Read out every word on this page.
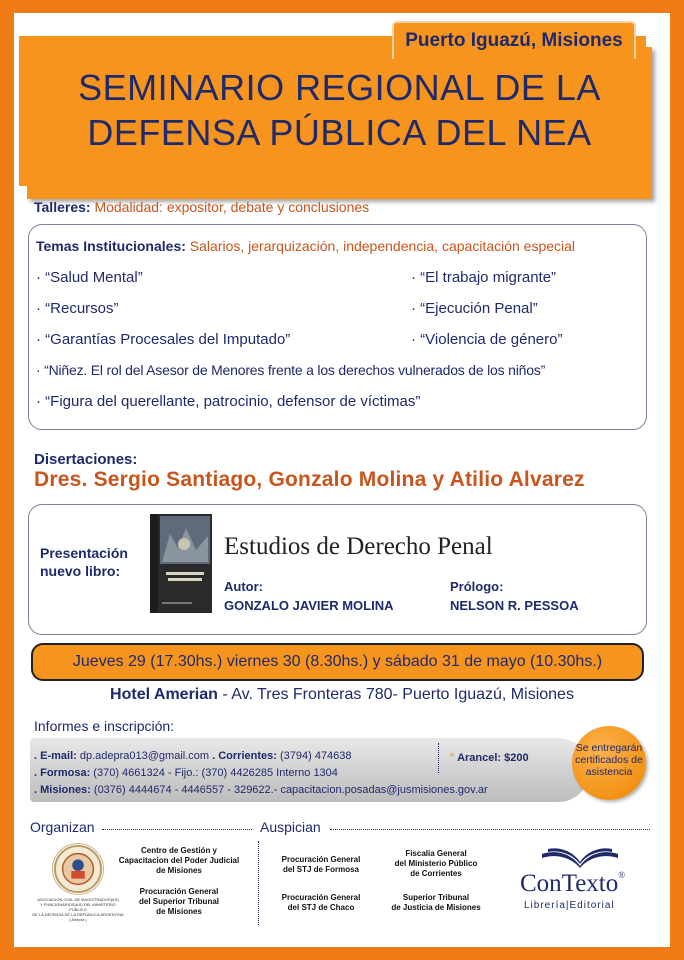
SEMINARIO REGIONAL DE LA
DEFENSA PÚBLICA DEL NEA
Puerto Iguazú, Misiones
Talleres: Modalidad: expositor, debate y conclusiones
Temas Institucionales: Salarios, jerarquización, independencia, capacitación especial
· “Salud Mental”
· “Recursos”
· “Garantías Procesales del Imputado”
· “El trabajo migrante”
· “Ejecución Penal”
· “Violencia de género”
· “Niñez. El rol del Asesor de Menores frente a los derechos vulnerados de los niños”
· “Figura del querellante, patrocinio, defensor de víctimas”
Disertaciones:
Dres. Sergio Santiago, Gonzalo Molina y Atilio Alvarez
Presentación
nuevo libro:
Estudios de Derecho Penal
Autor:
GONZALO JAVIER MOLINA
Prólogo:
NELSON R. PESSOA
Jueves 29 (17.30hs.) viernes 30 (8.30hs.) y sábado 31 de mayo (10.30hs.)
Hotel Amerian - Av. Tres Fronteras 780- Puerto Iguazú, Misiones
Informes e inscripción:
. E-mail: dp.adepra013@gmail.com . Corrientes: (3794) 474638
. Formosa: (370) 4661324 - Fijo.: (370) 4426285 Interno 1304
. Misiones: (0376) 4444674 - 4446557 - 329622.- capacitacion.posadas@jusmisiones.gov.ar
° Arancel: $200
Se entregarán
certificados de
asistencia
Organizan	Auspician
ASOCIACIÓN CIVIL DE MAGISTRADOS(AS)
Y FUNCIONARIOS(AS) DEL MINISTERIO PÚBLICO
DE LA DEFENSA DE LA REPÚBLICA ARGENTINA
( Adepra )
Centro de Gestión y
Capacitacion del Poder Judicial
de Misiones
Procuración General
del Superior Tribunal
de Misiones
Procuración General
del STJ de Formosa
Fiscalía General
del Ministerio Público
de Corrientes
Procuración General
del STJ de Chaco
Superior Tribunal
de Justicia de Misiones
ConTexto®
Librería|Editorial
